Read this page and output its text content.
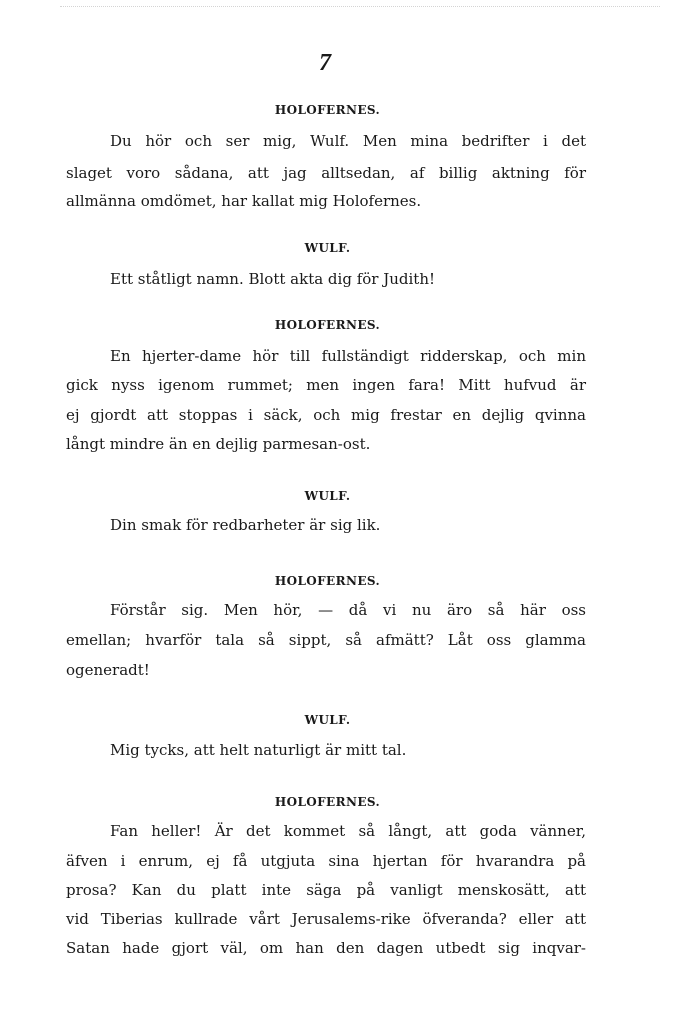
7
HOLOFERNES.
Du hör och ser mig, Wulf. Men mina bedrifter i det
slaget voro sådana, att jag alltsedan, af billig aktning för
allmänna omdömet, har kallat mig Holofernes.
WULF.
Ett ståtligt namn. Blott akta dig för Judith!
HOLOFERNES.
En hjerter-dame hör till fullständigt ridderskap, och min
gick nyss igenom rummet; men ingen fara! Mitt hufvud är
ej gjordt att stoppas i säck, och mig frestar en dejlig qvinna
långt mindre än en dejlig parmesan-ost.
WULF.
Din smak för redbarheter är sig lik.
HOLOFERNES.
Förstår sig. Men hör, — då vi nu äro så här oss
emellan; hvarför tala så sippt, så afmätt? Låt oss glamma
ogeneradt!
WULF.
Mig tycks, att helt naturligt är mitt tal.
HOLOFERNES.
Fan heller! Är det kommet så långt, att goda vänner,
äfven i enrum, ej få utgjuta sina hjertan för hvarandra på
prosa? Kan du platt inte säga på vanligt menskosätt, att
vid Tiberias kullrade vårt Jerusalems-rike öfveranda? eller att
Satan hade gjort väl, om han den dagen utbedt sig inqvar-
